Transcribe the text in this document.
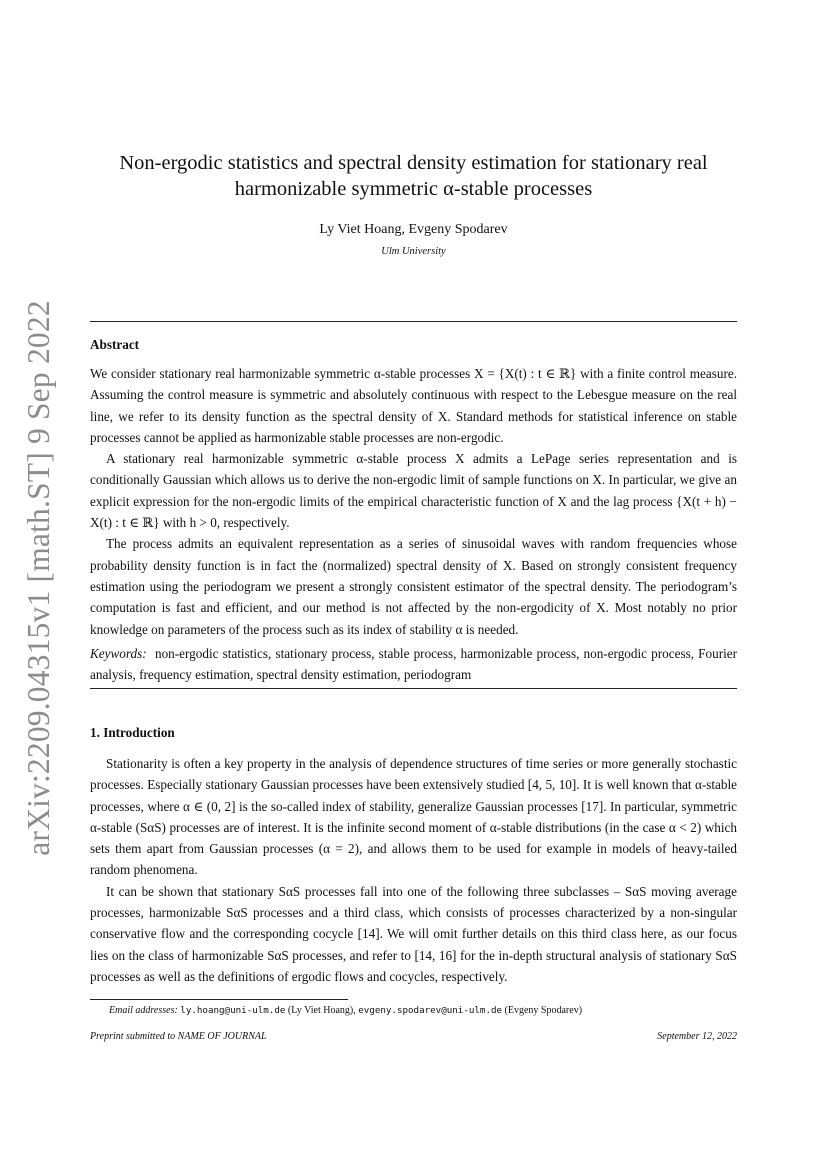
arXiv:2209.04315v1 [math.ST] 9 Sep 2022
Non-ergodic statistics and spectral density estimation for stationary real
harmonizable symmetric α-stable processes
Ly Viet Hoang, Evgeny Spodarev
Ulm University
Abstract

We consider stationary real harmonizable symmetric α-stable processes X = {X(t) : t ∈ ℝ} with a finite control measure. Assuming the control measure is symmetric and absolutely continuous with respect to the Lebesgue measure on the real line, we refer to its density function as the spectral density of X. Standard methods for statistical inference on stable processes cannot be applied as harmonizable stable processes are non-ergodic.

A stationary real harmonizable symmetric α-stable process X admits a LePage series representation and is conditionally Gaussian which allows us to derive the non-ergodic limit of sample functions on X. In particular, we give an explicit expression for the non-ergodic limits of the empirical characteristic function of X and the lag process {X(t + h) − X(t) : t ∈ ℝ} with h > 0, respectively.

The process admits an equivalent representation as a series of sinusoidal waves with random frequencies whose probability density function is in fact the (normalized) spectral density of X. Based on strongly consistent frequency estimation using the periodogram we present a strongly consistent estimator of the spectral density. The periodogram’s computation is fast and efficient, and our method is not affected by the non-ergodicity of X. Most notably no prior knowledge on parameters of the process such as its index of stability α is needed.

Keywords: non-ergodic statistics, stationary process, stable process, harmonizable process, non-ergodic process, Fourier analysis, frequency estimation, spectral density estimation, periodogram

1. Introduction

Stationarity is often a key property in the analysis of dependence structures of time series or more generally stochastic processes. Especially stationary Gaussian processes have been extensively studied [4, 5, 10]. It is well known that α-stable processes, where α ∈ (0, 2] is the so-called index of stability, generalize Gaussian processes [17]. In particular, symmetric α-stable (SαS) processes are of interest. It is the infinite second moment of α-stable distributions (in the case α < 2) which sets them apart from Gaussian processes (α = 2), and allows them to be used for example in models of heavy-tailed random phenomena.

It can be shown that stationary SαS processes fall into one of the following three subclasses – SαS moving average processes, harmonizable SαS processes and a third class, which consists of processes characterized by a non-singular conservative flow and the corresponding cocycle [14]. We will omit further details on this third class here, as our focus lies on the class of harmonizable SαS processes, and refer to [14, 16] for the in-depth structural analysis of stationary SαS processes as well as the definitions of ergodic flows and cocycles, respectively.

Email addresses: ly.hoang@uni-ulm.de (Ly Viet Hoang), evgeny.spodarev@uni-ulm.de (Evgeny Spodarev)
Preprint submitted to NAME OF JOURNAL	September 12, 2022
